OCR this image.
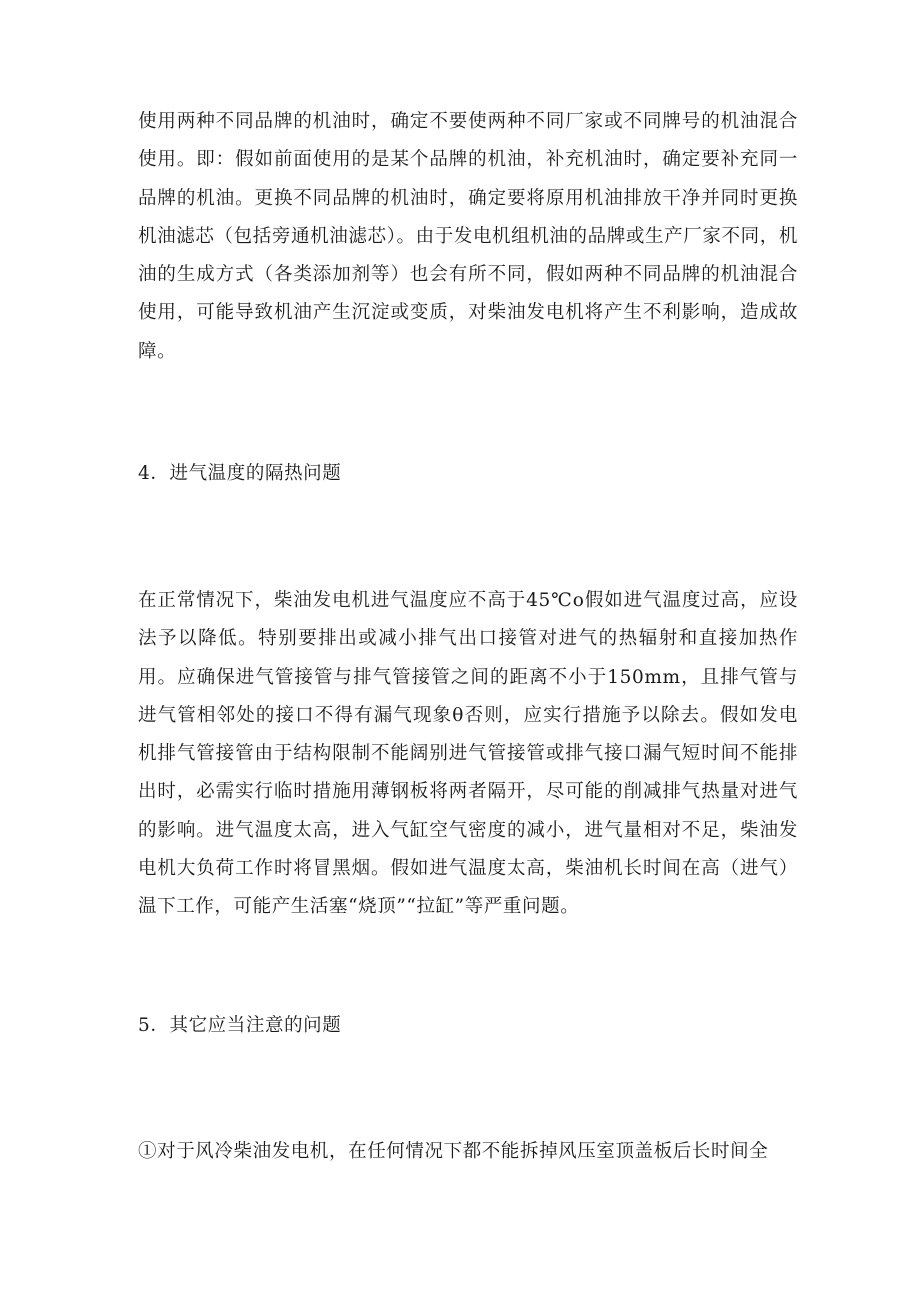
使用两种不同品牌的机油时，确定不要使两种不同厂家或不同牌号的机油混合使用。即：假如前面使用的是某个品牌的机油，补充机油时，确定要补充同一品牌的机油。更换不同品牌的机油时，确定要将原用机油排放干净并同时更换机油滤芯（包括旁通机油滤芯）。由于发电机组机油的品牌或生产厂家不同，机油的生成方式（各类添加剂等）也会有所不同，假如两种不同品牌的机油混合使用，可能导致机油产生沉淀或变质，对柴油发电机将产生不利影响，造成故障。

4．进气温度的隔热问题

在正常情况下，柴油发电机进气温度应不高于45℃o假如进气温度过高，应设法予以降低。特别要排出或减小排气出口接管对进气的热辐射和直接加热作用。应确保进气管接管与排气管接管之间的距离不小于150mm，且排气管与进气管相邻处的接口不得有漏气现象θ否则，应实行措施予以除去。假如发电机排气管接管由于结构限制不能阔别进气管接管或排气接口漏气短时间不能排出时，必需实行临时措施用薄钢板将两者隔开，尽可能的削减排气热量对进气的影响。进气温度太高，进入气缸空气密度的减小，进气量相对不足，柴油发电机大负荷工作时将冒黑烟。假如进气温度太高，柴油机长时间在高（进气）温下工作，可能产生活塞“烧顶”“拉缸”等严重问题。

5．其它应当注意的问题

①对于风冷柴油发电机，在任何情况下都不能拆掉风压室顶盖板后长时间全
